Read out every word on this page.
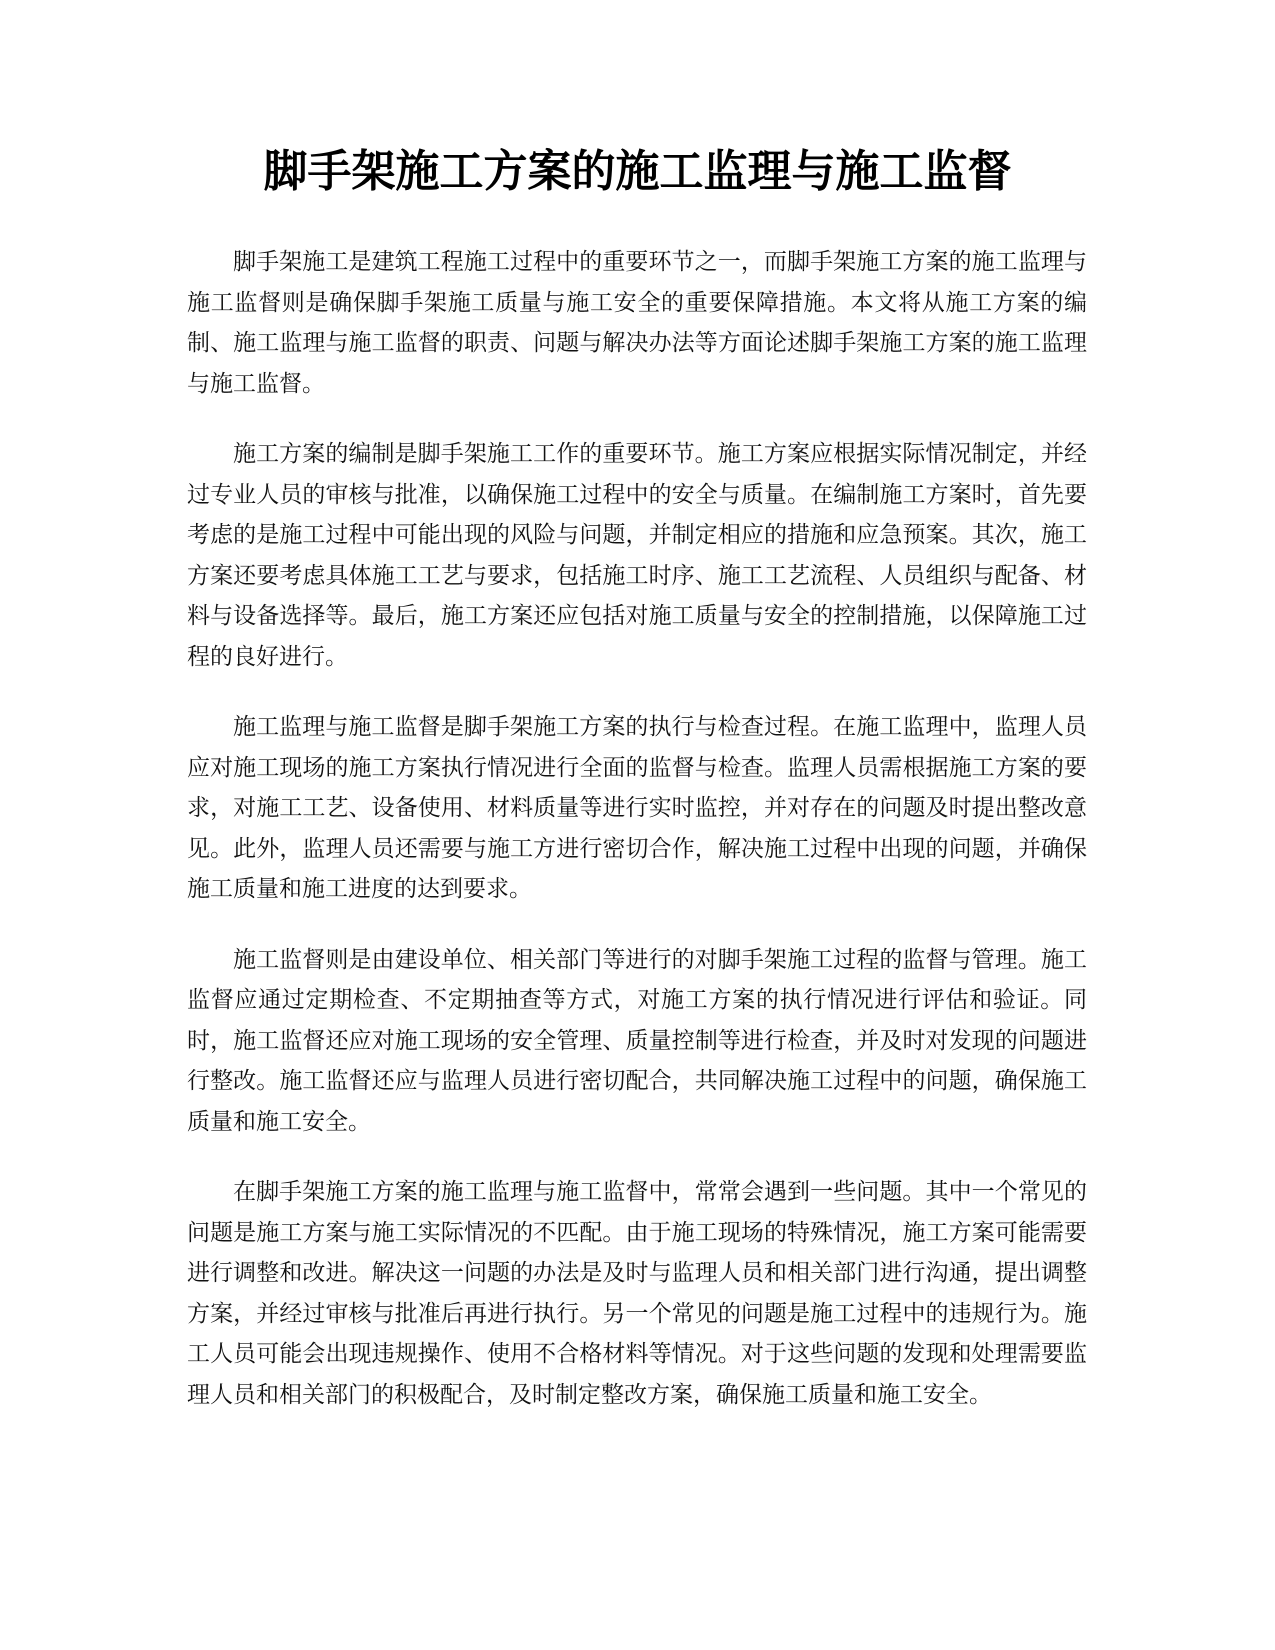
脚手架施工方案的施工监理与施工监督

脚手架施工是建筑工程施工过程中的重要环节之一，而脚手架施工方案的施工监理与施工监督则是确保脚手架施工质量与施工安全的重要保障措施。本文将从施工方案的编制、施工监理与施工监督的职责、问题与解决办法等方面论述脚手架施工方案的施工监理与施工监督。

施工方案的编制是脚手架施工工作的重要环节。施工方案应根据实际情况制定，并经过专业人员的审核与批准，以确保施工过程中的安全与质量。在编制施工方案时，首先要考虑的是施工过程中可能出现的风险与问题，并制定相应的措施和应急预案。其次，施工方案还要考虑具体施工工艺与要求，包括施工时序、施工工艺流程、人员组织与配备、材料与设备选择等。最后，施工方案还应包括对施工质量与安全的控制措施，以保障施工过程的良好进行。

施工监理与施工监督是脚手架施工方案的执行与检查过程。在施工监理中，监理人员应对施工现场的施工方案执行情况进行全面的监督与检查。监理人员需根据施工方案的要求，对施工工艺、设备使用、材料质量等进行实时监控，并对存在的问题及时提出整改意见。此外，监理人员还需要与施工方进行密切合作，解决施工过程中出现的问题，并确保施工质量和施工进度的达到要求。

施工监督则是由建设单位、相关部门等进行的对脚手架施工过程的监督与管理。施工监督应通过定期检查、不定期抽查等方式，对施工方案的执行情况进行评估和验证。同时，施工监督还应对施工现场的安全管理、质量控制等进行检查，并及时对发现的问题进行整改。施工监督还应与监理人员进行密切配合，共同解决施工过程中的问题，确保施工质量和施工安全。

在脚手架施工方案的施工监理与施工监督中，常常会遇到一些问题。其中一个常见的问题是施工方案与施工实际情况的不匹配。由于施工现场的特殊情况，施工方案可能需要进行调整和改进。解决这一问题的办法是及时与监理人员和相关部门进行沟通，提出调整方案，并经过审核与批准后再进行执行。另一个常见的问题是施工过程中的违规行为。施工人员可能会出现违规操作、使用不合格材料等情况。对于这些问题的发现和处理需要监理人员和相关部门的积极配合，及时制定整改方案，确保施工质量和施工安全。
